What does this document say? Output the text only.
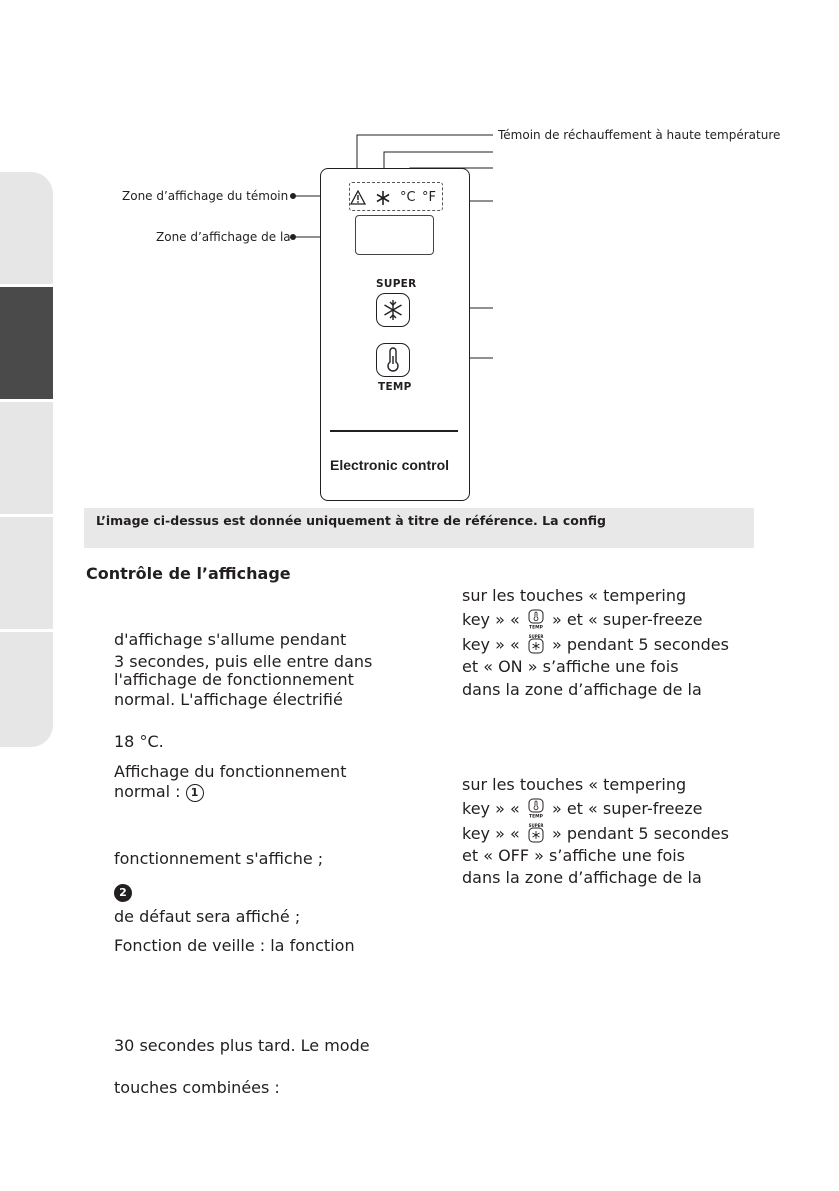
Témoin de réchauffement à haute température
Zone d’affichage du témoin
Zone d’affichage de la
°C °F
SUPER
TEMP
Electronic control
L’image ci-dessus est donnée uniquement à titre de référence. La config
Contrôle de l’affichage
d'affichage s'allume pendant
3 secondes, puis elle entre dans
l'affichage de fonctionnement
normal. L'affichage électrifié
18 °C.
Affichage du fonctionnement
normal : 1
fonctionnement s'affiche ;
2
de défaut sera affiché ;
Fonction de veille : la fonction
30 secondes plus tard. Le mode
touches combinées :
sur les touches « tempering
key » « TEMP » et « super-freeze
key » « SUPER » pendant 5 secondes
et « ON » s’affiche une fois
dans la zone d’affichage de la
sur les touches « tempering
key » « TEMP » et « super-freeze
key » « SUPER » pendant 5 secondes
et « OFF » s’affiche une fois
dans la zone d’affichage de la
